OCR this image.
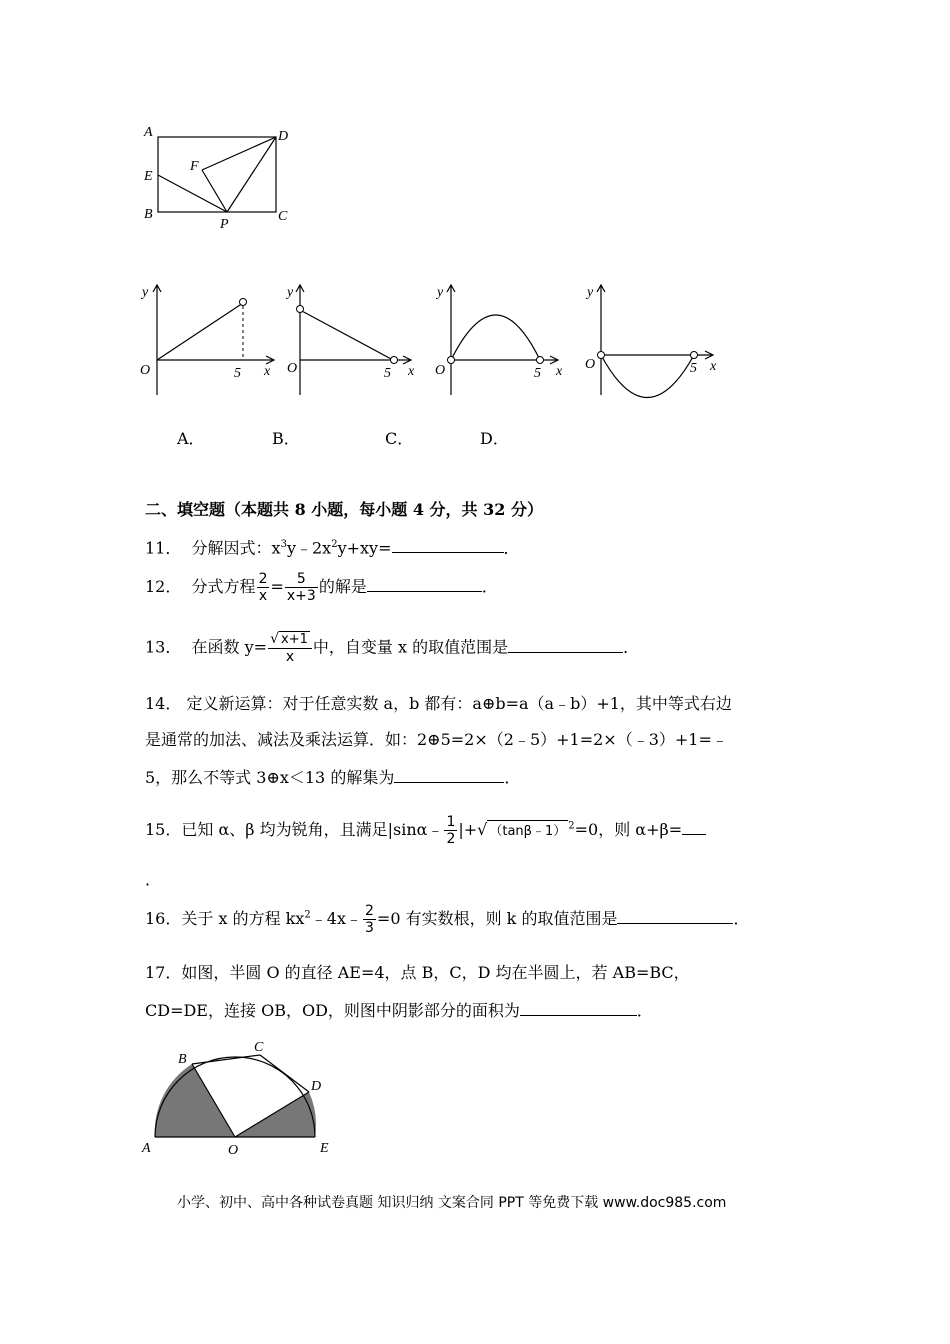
A	D
E
F
B
P
C
y
O	5 x
y
O	5 x
y
O	5 x
y
O	5 x
A．	B．	C．	D．
二、填空题（本题共 8 小题，每小题 4 分，共 32 分）
11． 分解因式：$x^3y﹣2x^2y+xy=$	．
12． 分式方程 $\frac{2}{x} = \frac{5}{x+3}$ 的解是	．
13． 在函数 $y= \frac{√ x+1}{x}$ 中，自变量 x 的取值范围是	．
14． 定义新运算：对于任意实数 a，b 都有：a⊕b=a（a﹣b）+1，其中等式右边
是通常的加法、减法及乘法运算．如：2⊕5=2×（2﹣5）+1=2×（﹣3）+1=﹣
5，那么不等式 3⊕x＜13 的解集为	．
15．已知 α、β 均为锐角，且满足|sinα﹣ $\frac{1}{2}$ |+√ （tanβ﹣1） $^2$=0，则 α+β=
．
16．关于 x 的方程 $kx^2﹣4x﹣ \frac{2}{3} =0$ 有实数根，则 k 的取值范围是	．
17．如图，半圆 O 的直径 AE=4，点 B，C，D 均在半圆上，若 AB=BC，
CD=DE，连接 OB，OD，则图中阴影部分的面积为	．
B
C
D
A	O	E
小学、初中、高中各种试卷真题 知识归纳 文案合同 PPT 等免费下载 www.doc985.com
